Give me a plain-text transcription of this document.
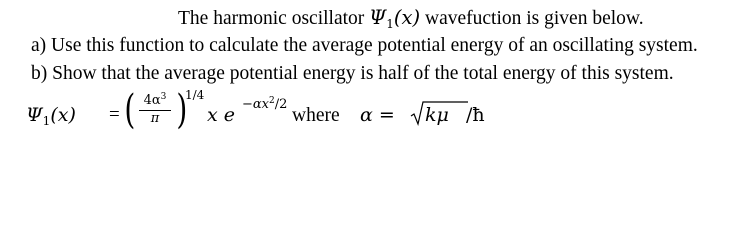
The harmonic oscillator $\Psi_1(x)$ wavefuction is given below.
a) Use this function to calculate the average potential energy of an oscillating system.
b) Show that the average potential energy is half of the total energy of this system.
$\Psi_1(x)$ = ( $4\alpha^3$
π )
1/4
x $e -\alpha x^2/2$
where α = kμ /ħ
